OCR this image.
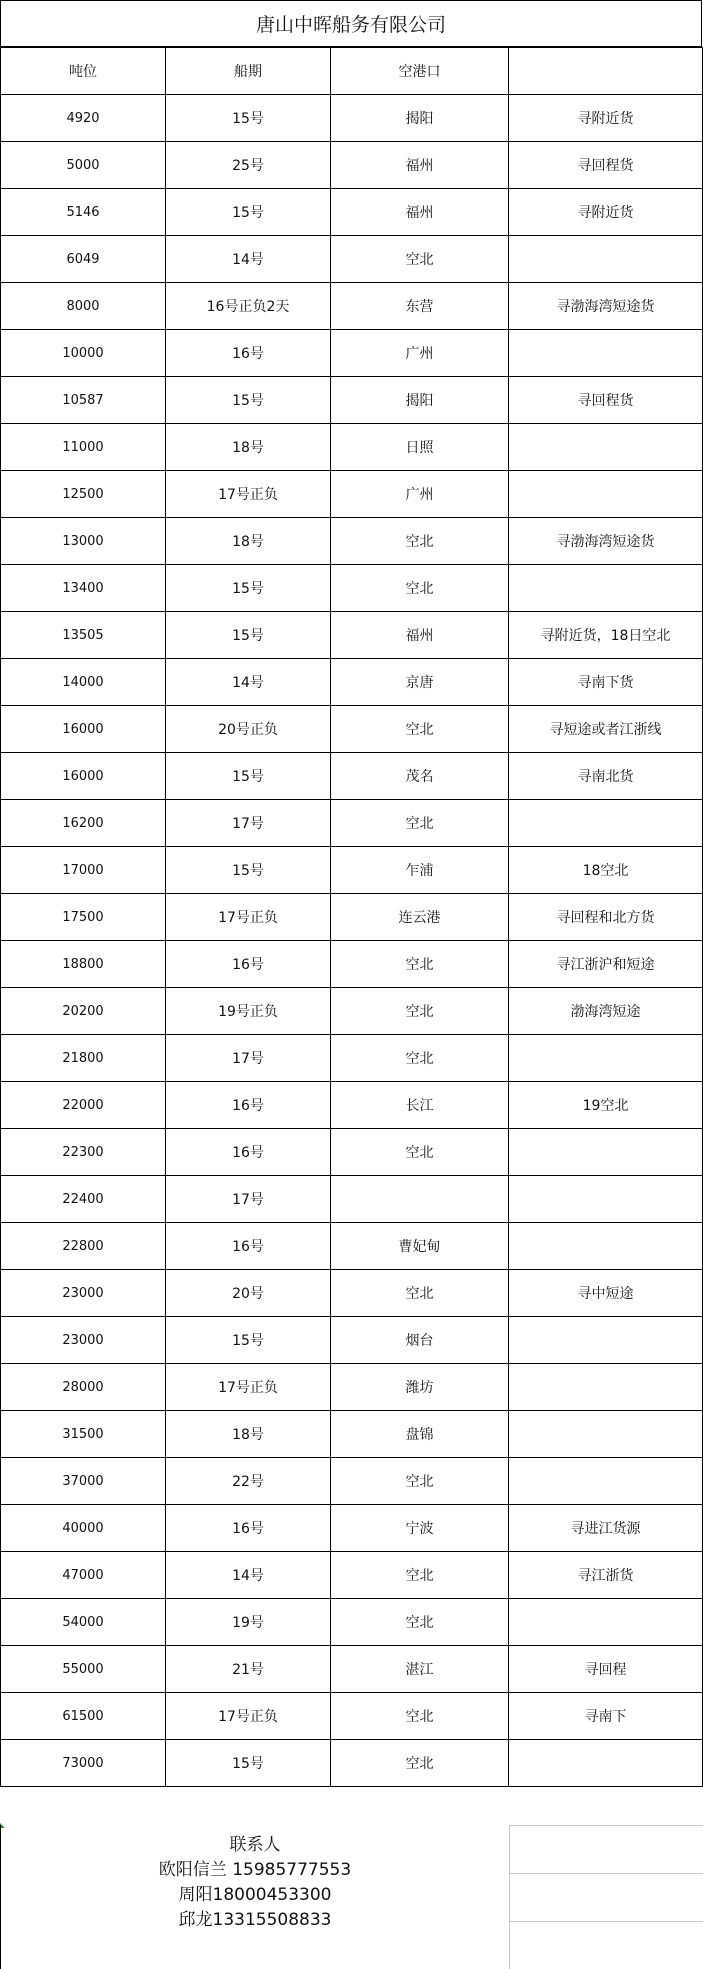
唐山中晖船务有限公司
吨位	船期	空港口	
4920	15号	揭阳	寻附近货
5000	25号	福州	寻回程货
5146	15号	福州	寻附近货
6049	14号	空北	
8000	16号正负2天	东营	寻渤海湾短途货
10000	16号	广州	
10587	15号	揭阳	寻回程货
11000	18号	日照	
12500	17号正负	广州	
13000	18号	空北	寻渤海湾短途货
13400	15号	空北	
13505	15号	福州	寻附近货，18日空北
14000	14号	京唐	寻南下货
16000	20号正负	空北	寻短途或者江浙线
16000	15号	茂名	寻南北货
16200	17号	空北	
17000	15号	乍浦	18空北
17500	17号正负	连云港	寻回程和北方货
18800	16号	空北	寻江浙沪和短途
20200	19号正负	空北	渤海湾短途
21800	17号	空北	
22000	16号	长江	19空北
22300	16号	空北	
22400	17号		
22800	16号	曹妃甸	
23000	20号	空北	寻中短途
23000	15号	烟台	
28000	17号正负	潍坊	
31500	18号	盘锦	
37000	22号	空北	
40000	16号	宁波	寻进江货源
47000	14号	空北	寻江浙货
54000	19号	空北	
55000	21号	湛江	寻回程
61500	17号正负	空北	寻南下
73000	15号	空北	
联系人
欧阳信兰 15985777553
周阳18000453300
邱龙13315508833
